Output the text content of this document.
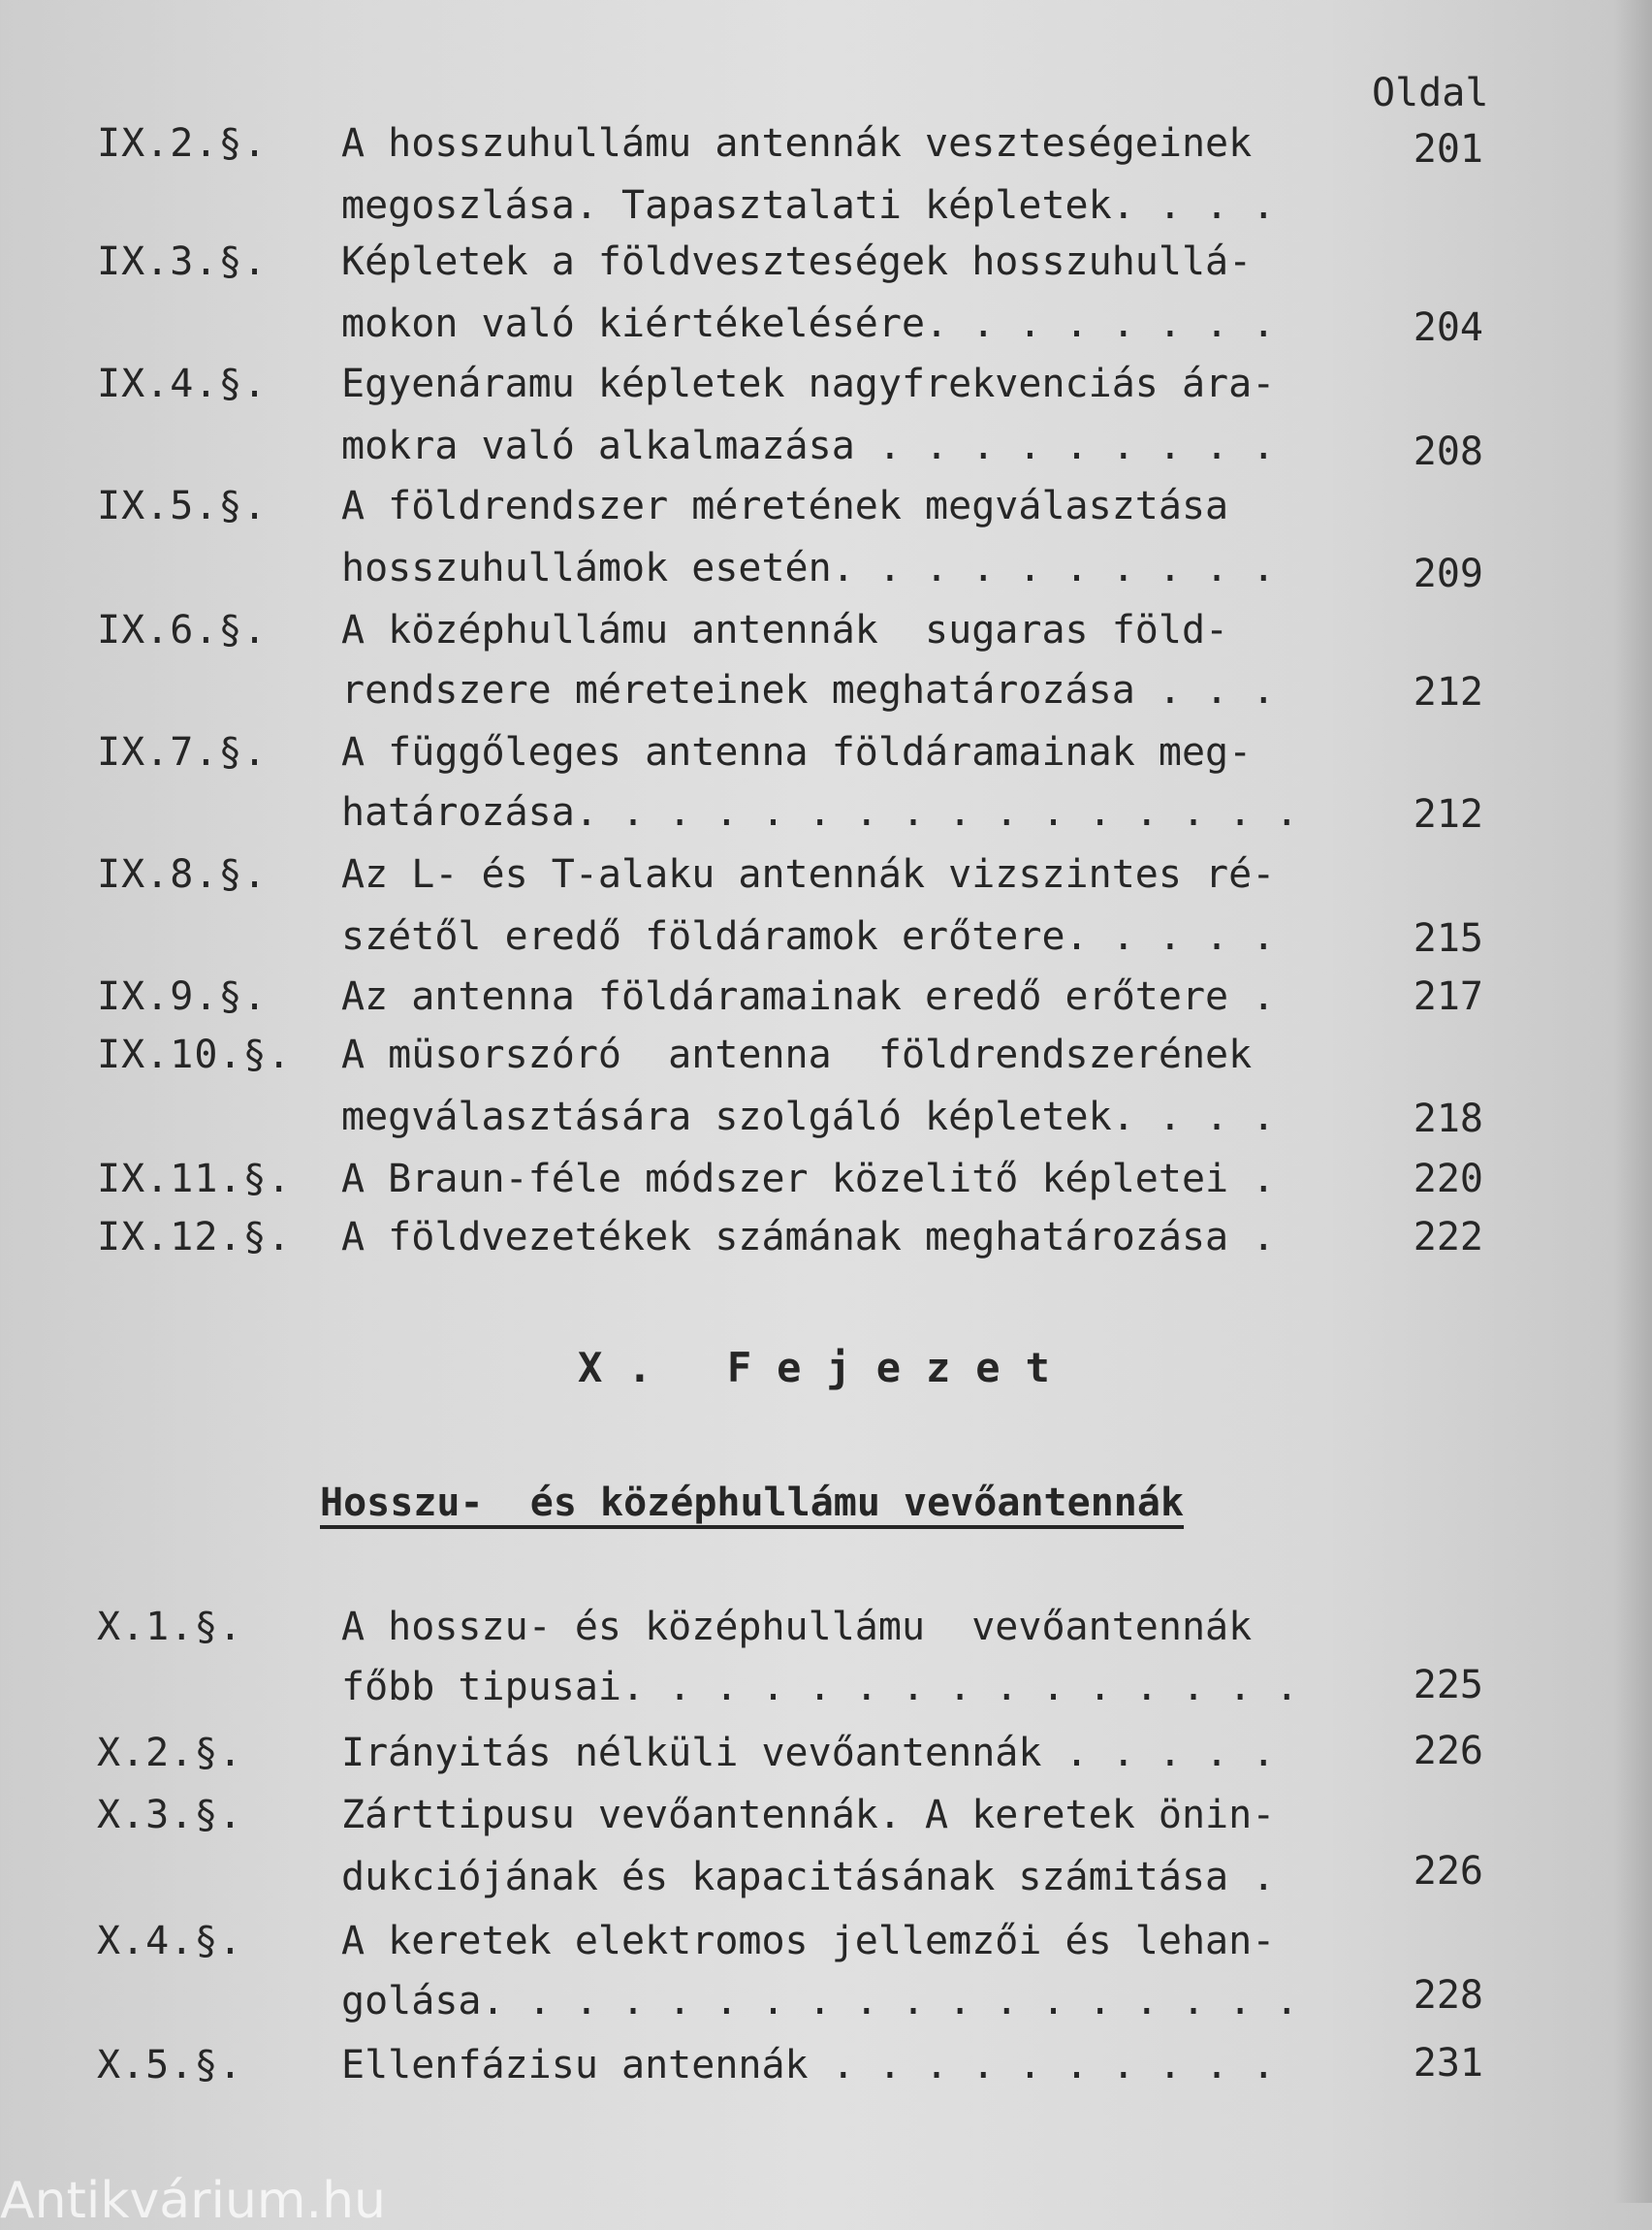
Oldal
IX.2.§. A hosszuhullámu antennák veszteségeinek
megoszlása. Tapasztalati képletek. . . .
201
IX.3.§. Képletek a földveszteségek hosszuhullá-
mokon való kiértékelésére. . . . . . . .	204
IX.4.§. Egyenáramu képletek nagyfrekvenciás ára-
mokra való alkalmazása . . . . . . . . .	208
IX.5.§. A földrendszer méretének megválasztása
hosszuhullámok esetén. . . . . . . . . .	209
IX.6.§. A középhullámu antennák  sugaras föld-
rendszere méreteinek meghatározása . . .	212
IX.7.§. A függőleges antenna földáramainak meg-
határozása. . . . . . . . . . . . . . . .	212
IX.8.§. Az L- és T-alaku antennák vizszintes ré-
szétől eredő földáramok erőtere. . . . .	215
IX.9.§. Az antenna földáramainak eredő erőtere .	217
IX.10.§. A müsorszóró  antenna  földrendszerének
megválasztására szolgáló képletek. . . .	218
IX.11.§. A Braun-féle módszer közelitő képletei .	220
IX.12.§. A földvezetékek számának meghatározása .	222
X. Fejezet
Hosszu-  és középhullámu vevőantennák
X.1.§.	A hosszu- és középhullámu  vevőantennák
főbb tipusai. . . . . . . . . . . . . . .	225
X.2.§.	Irányitás nélküli vevőantennák . . . . .	226
X.3.§.	Zárttipusu vevőantennák. A keretek önin-
dukciójának és kapacitásának számitása .	226
X.4.§.	A keretek elektromos jellemzői és lehan-
golása. . . . . . . . . . . . . . . . . .	228
X.5.§.	Ellenfázisu antennák . . . . . . . . . .	231
Antikvárium.hu
